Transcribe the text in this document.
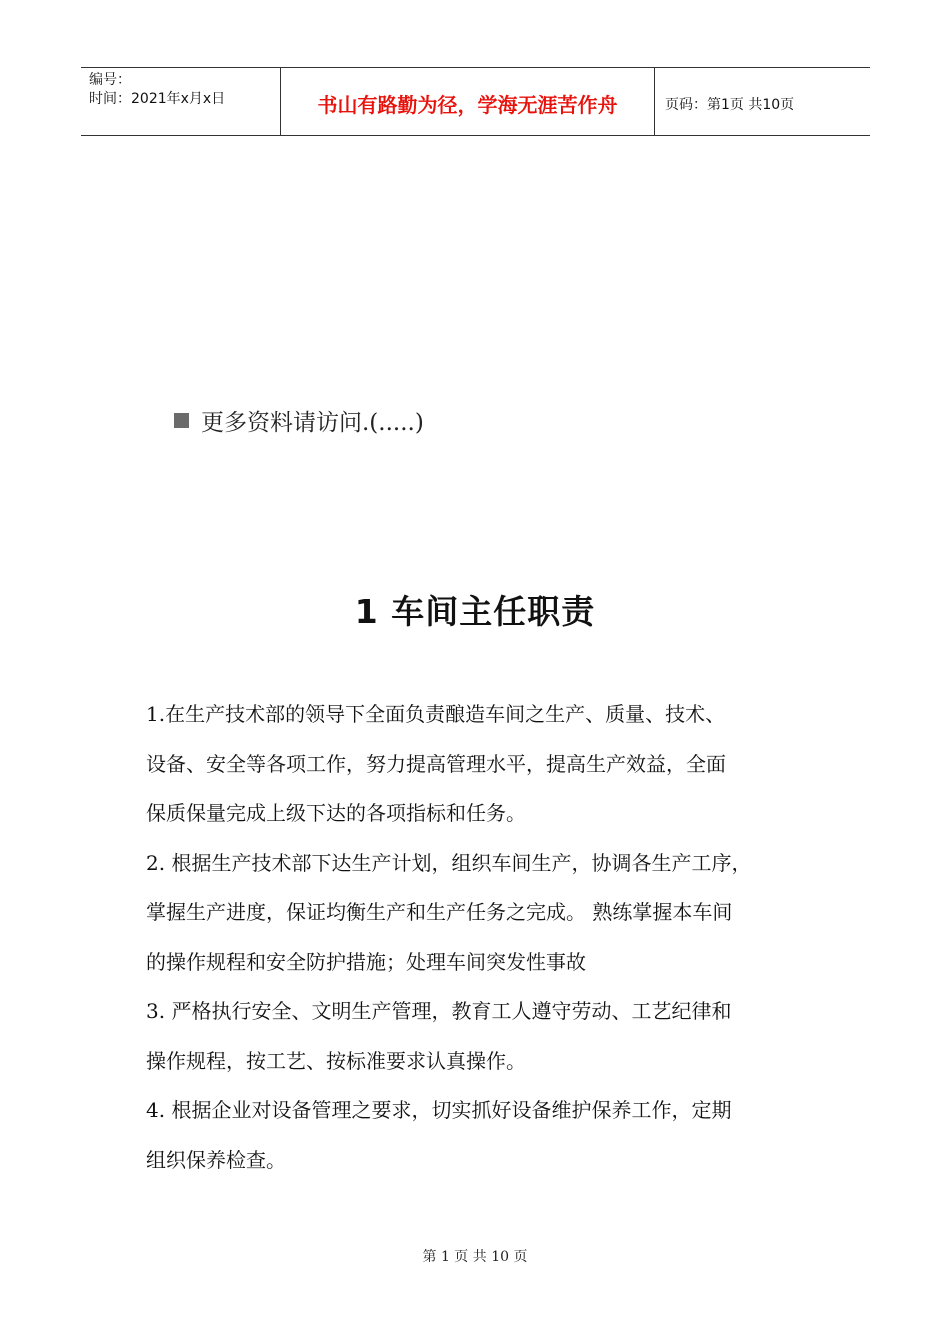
编号：
时间：2021年x月x日	书山有路勤为径，学海无涯苦作舟	页码：第1页 共10页
更多资料请访问.(.....)
1 车间主任职责
1.在生产技术部的领导下全面负责酿造车间之生产、质量、技术、
设备、安全等各项工作，努力提高管理水平，提高生产效益，全面
保质保量完成上级下达的各项指标和任务。
2. 根据生产技术部下达生产计划，组织车间生产，协调各生产工序，
掌握生产进度，保证均衡生产和生产任务之完成。 熟练掌握本车间
的操作规程和安全防护措施；处理车间突发性事故
3. 严格执行安全、文明生产管理，教育工人遵守劳动、工艺纪律和
操作规程，按工艺、按标准要求认真操作。
4. 根据企业对设备管理之要求，切实抓好设备维护保养工作，定期
组织保养检查。
第 1 页 共 10 页
